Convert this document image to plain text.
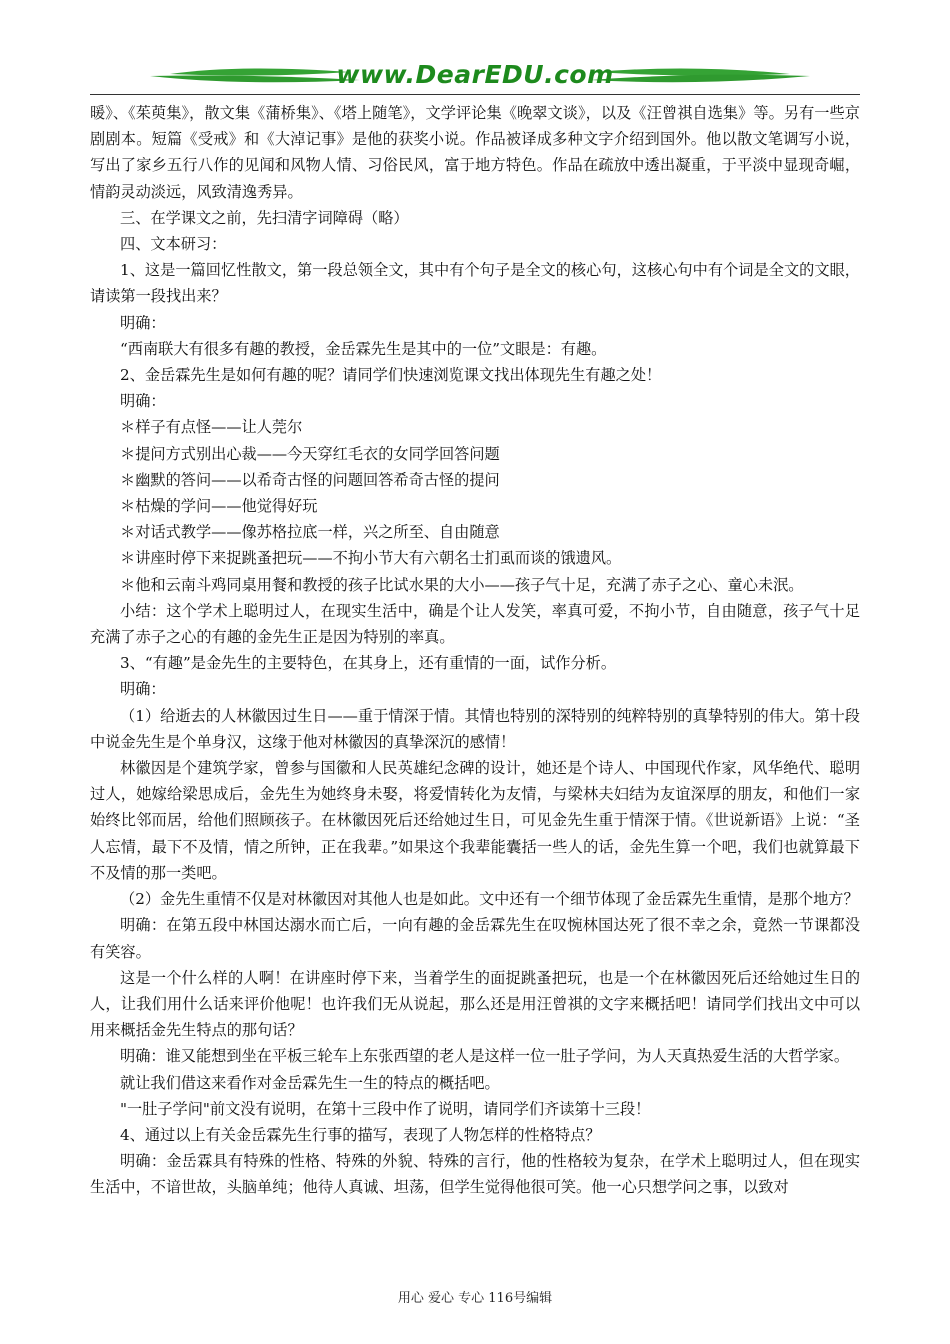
www.DearEDU.com

暖》、《茱萸集》，散文集《蒲桥集》、《塔上随笔》，文学评论集《晚翠文谈》，以及《汪曾祺自选集》等。另有一些京剧剧本。短篇《受戒》和《大淖记事》是他的获奖小说。作品被译成多种文字介绍到国外。他以散文笔调写小说，写出了家乡五行八作的见闻和风物人情、习俗民风，富于地方特色。作品在疏放中透出凝重，于平淡中显现奇崛，情韵灵动淡远，风致清逸秀异。

三、在学课文之前，先扫清字词障碍（略）

四、文本研习：

1、这是一篇回忆性散文，第一段总领全文，其中有个句子是全文的核心句，这核心句中有个词是全文的文眼，请读第一段找出来？

明确：

“西南联大有很多有趣的教授，金岳霖先生是其中的一位”文眼是：有趣。

2、金岳霖先生是如何有趣的呢？请同学们快速浏览课文找出体现先生有趣之处！

明确：

＊样子有点怪——让人莞尔

＊提问方式别出心裁——今天穿红毛衣的女同学回答问题

＊幽默的答问——以希奇古怪的问题回答希奇古怪的提问

＊枯燥的学问——他觉得好玩

＊对话式教学——像苏格拉底一样，兴之所至、自由随意

＊讲座时停下来捉跳蚤把玩——不拘小节大有六朝名士扪虱而谈的饿遗风。

＊他和云南斗鸡同桌用餐和教授的孩子比试水果的大小——孩子气十足，充满了赤子之心、童心未泯。

小结：这个学术上聪明过人，在现实生活中，确是个让人发笑，率真可爱，不拘小节，自由随意，孩子气十足充满了赤子之心的有趣的金先生正是因为特别的率真。

3、“有趣”是金先生的主要特色，在其身上，还有重情的一面，试作分析。

明确：

（1）给逝去的人林徽因过生日——重于情深于情。其情也特别的深特别的纯粹特别的真挚特别的伟大。第十段中说金先生是个单身汉，这缘于他对林徽因的真挚深沉的感情！

林徽因是个建筑学家，曾参与国徽和人民英雄纪念碑的设计，她还是个诗人、中国现代作家，风华绝代、聪明过人，她嫁给梁思成后，金先生为她终身未娶，将爱情转化为友情，与梁林夫妇结为友谊深厚的朋友，和他们一家始终比邻而居，给他们照顾孩子。在林徽因死后还给她过生日，可见金先生重于情深于情。《世说新语》上说：“圣人忘情，最下不及情，情之所钟，正在我辈。”如果这个我辈能囊括一些人的话，金先生算一个吧，我们也就算最下不及情的那一类吧。

（2）金先生重情不仅是对林徽因对其他人也是如此。文中还有一个细节体现了金岳霖先生重情，是那个地方？

明确：在第五段中林国达溺水而亡后，一向有趣的金岳霖先生在叹惋林国达死了很不幸之余，竟然一节课都没有笑容。

这是一个什么样的人啊！在讲座时停下来，当着学生的面捉跳蚤把玩，也是一个在林徽因死后还给她过生日的人，让我们用什么话来评价他呢！也许我们无从说起，那么还是用汪曾祺的文字来概括吧！请同学们找出文中可以用来概括金先生特点的那句话？

明确：谁又能想到坐在平板三轮车上东张西望的老人是这样一位一肚子学问，为人天真热爱生活的大哲学家。

就让我们借这来看作对金岳霖先生一生的特点的概括吧。

"一肚子学问"前文没有说明，在第十三段中作了说明，请同学们齐读第十三段！

4、通过以上有关金岳霖先生行事的描写，表现了人物怎样的性格特点？

明确：金岳霖具有特殊的性格、特殊的外貌、特殊的言行，他的性格较为复杂，在学术上聪明过人，但在现实生活中，不谙世故，头脑单纯；他待人真诚、坦荡，但学生觉得他很可笑。他一心只想学问之事，以致对

用心 爱心 专心 116号编辑
